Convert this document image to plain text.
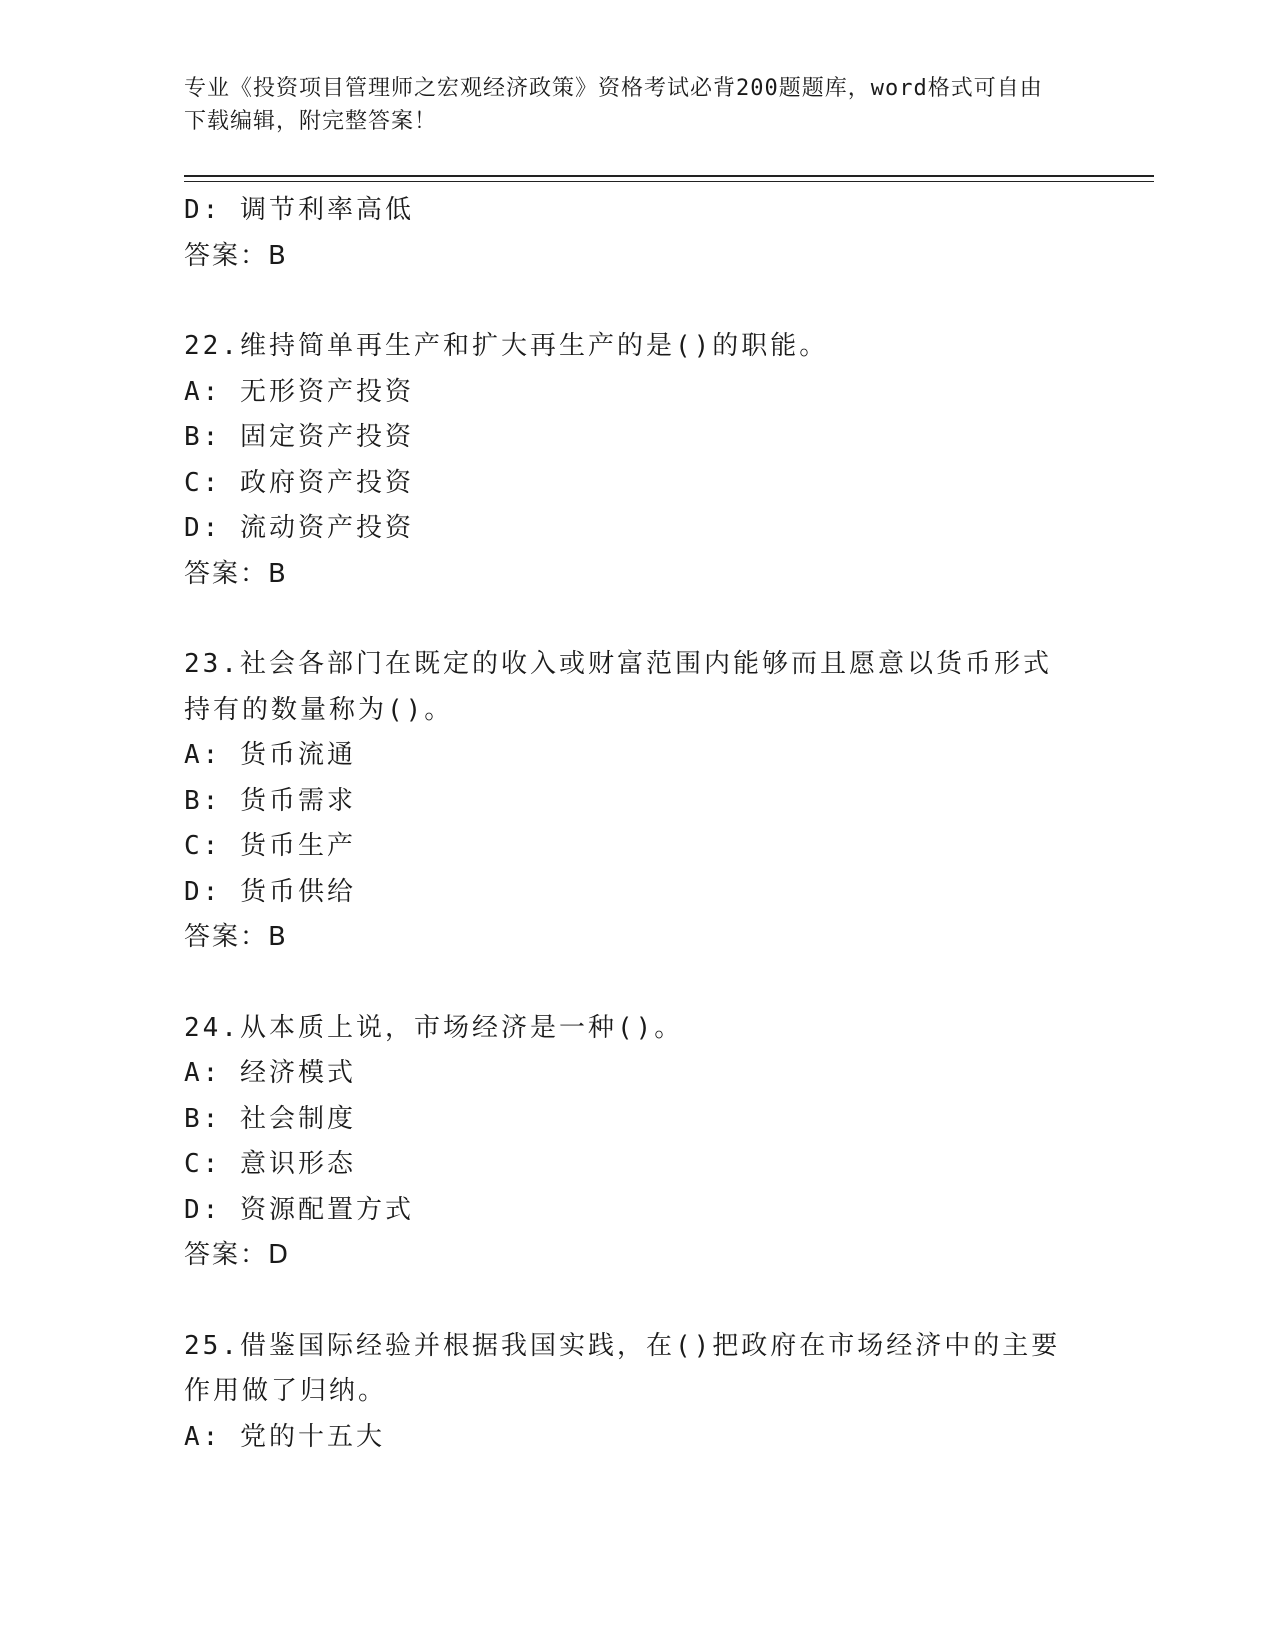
专业《投资项目管理师之宏观经济政策》资格考试必背200题题库，word格式可自由下载编辑，附完整答案！
D: 调节利率高低
答案：B
22.维持简单再生产和扩大再生产的是()的职能。
A: 无形资产投资
B: 固定资产投资
C: 政府资产投资
D: 流动资产投资
答案：B
23.社会各部门在既定的收入或财富范围内能够而且愿意以货币形式持有的数量称为()。
A: 货币流通
B: 货币需求
C: 货币生产
D: 货币供给
答案：B
24.从本质上说，市场经济是一种()。
A: 经济模式
B: 社会制度
C: 意识形态
D: 资源配置方式
答案：D
25.借鉴国际经验并根据我国实践，在()把政府在市场经济中的主要作用做了归纳。
A: 党的十五大
